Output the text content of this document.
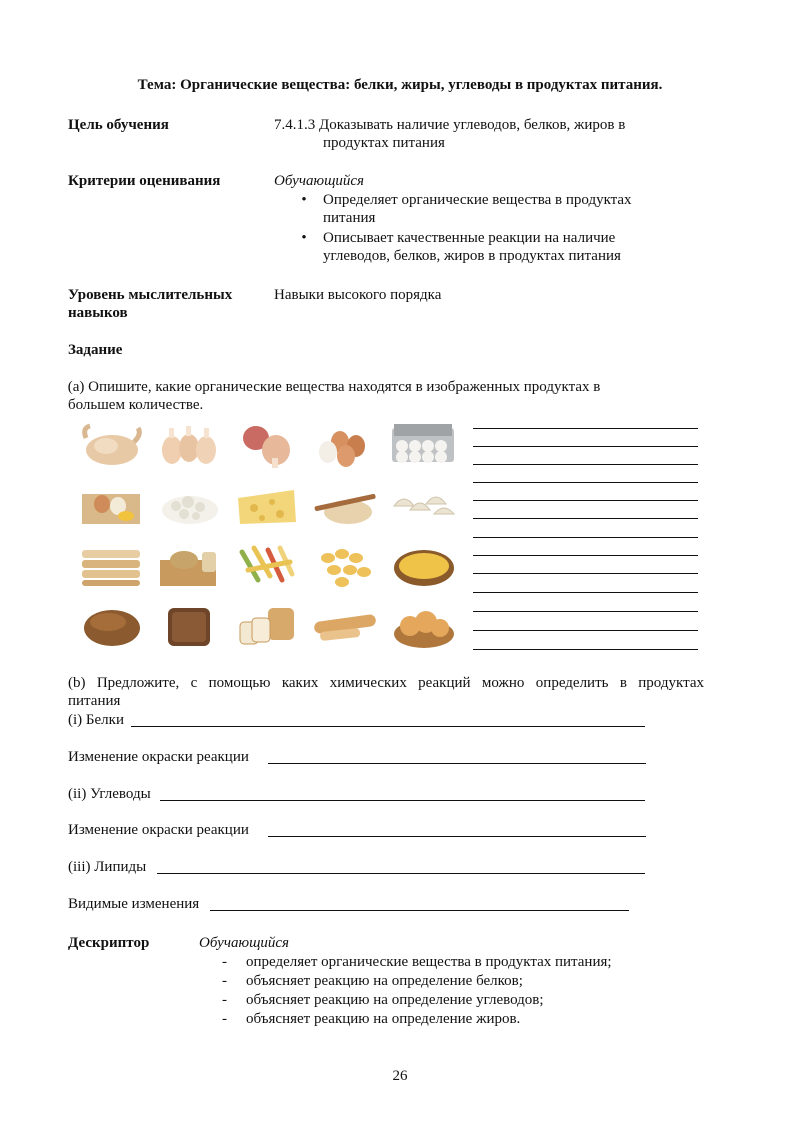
Тема: Органические вещества: белки, жиры, углеводы в продуктах питания.
Цель обучения	7.4.1.3 Доказывать наличие углеводов, белков, жиров в
продуктах питания
Критерии оценивания	Обучающийся
• Определяет органические вещества в продуктах
питания
• Описывает качественные реакции на наличие
углеводов, белков, жиров в продуктах питания
Уровень мыслительных
навыков
Навыки высокого порядка
Задание
(a) Опишите, какие органические вещества находятся в изображенных продуктах в
большем количестве.
(b) Предложите, с помощью каких химических реакций можно определить в продуктах
питания
(i) Белки
Изменение окраски реакции
(ii) Углеводы
Изменение окраски реакции
(iii) Липиды
Видимые изменения
Дескриптор	Обучающийся
- определяет органические вещества в продуктах питания;
- объясняет реакцию на определение белков;
- объясняет реакцию на определение углеводов;
- объясняет реакцию на определение жиров.
26
